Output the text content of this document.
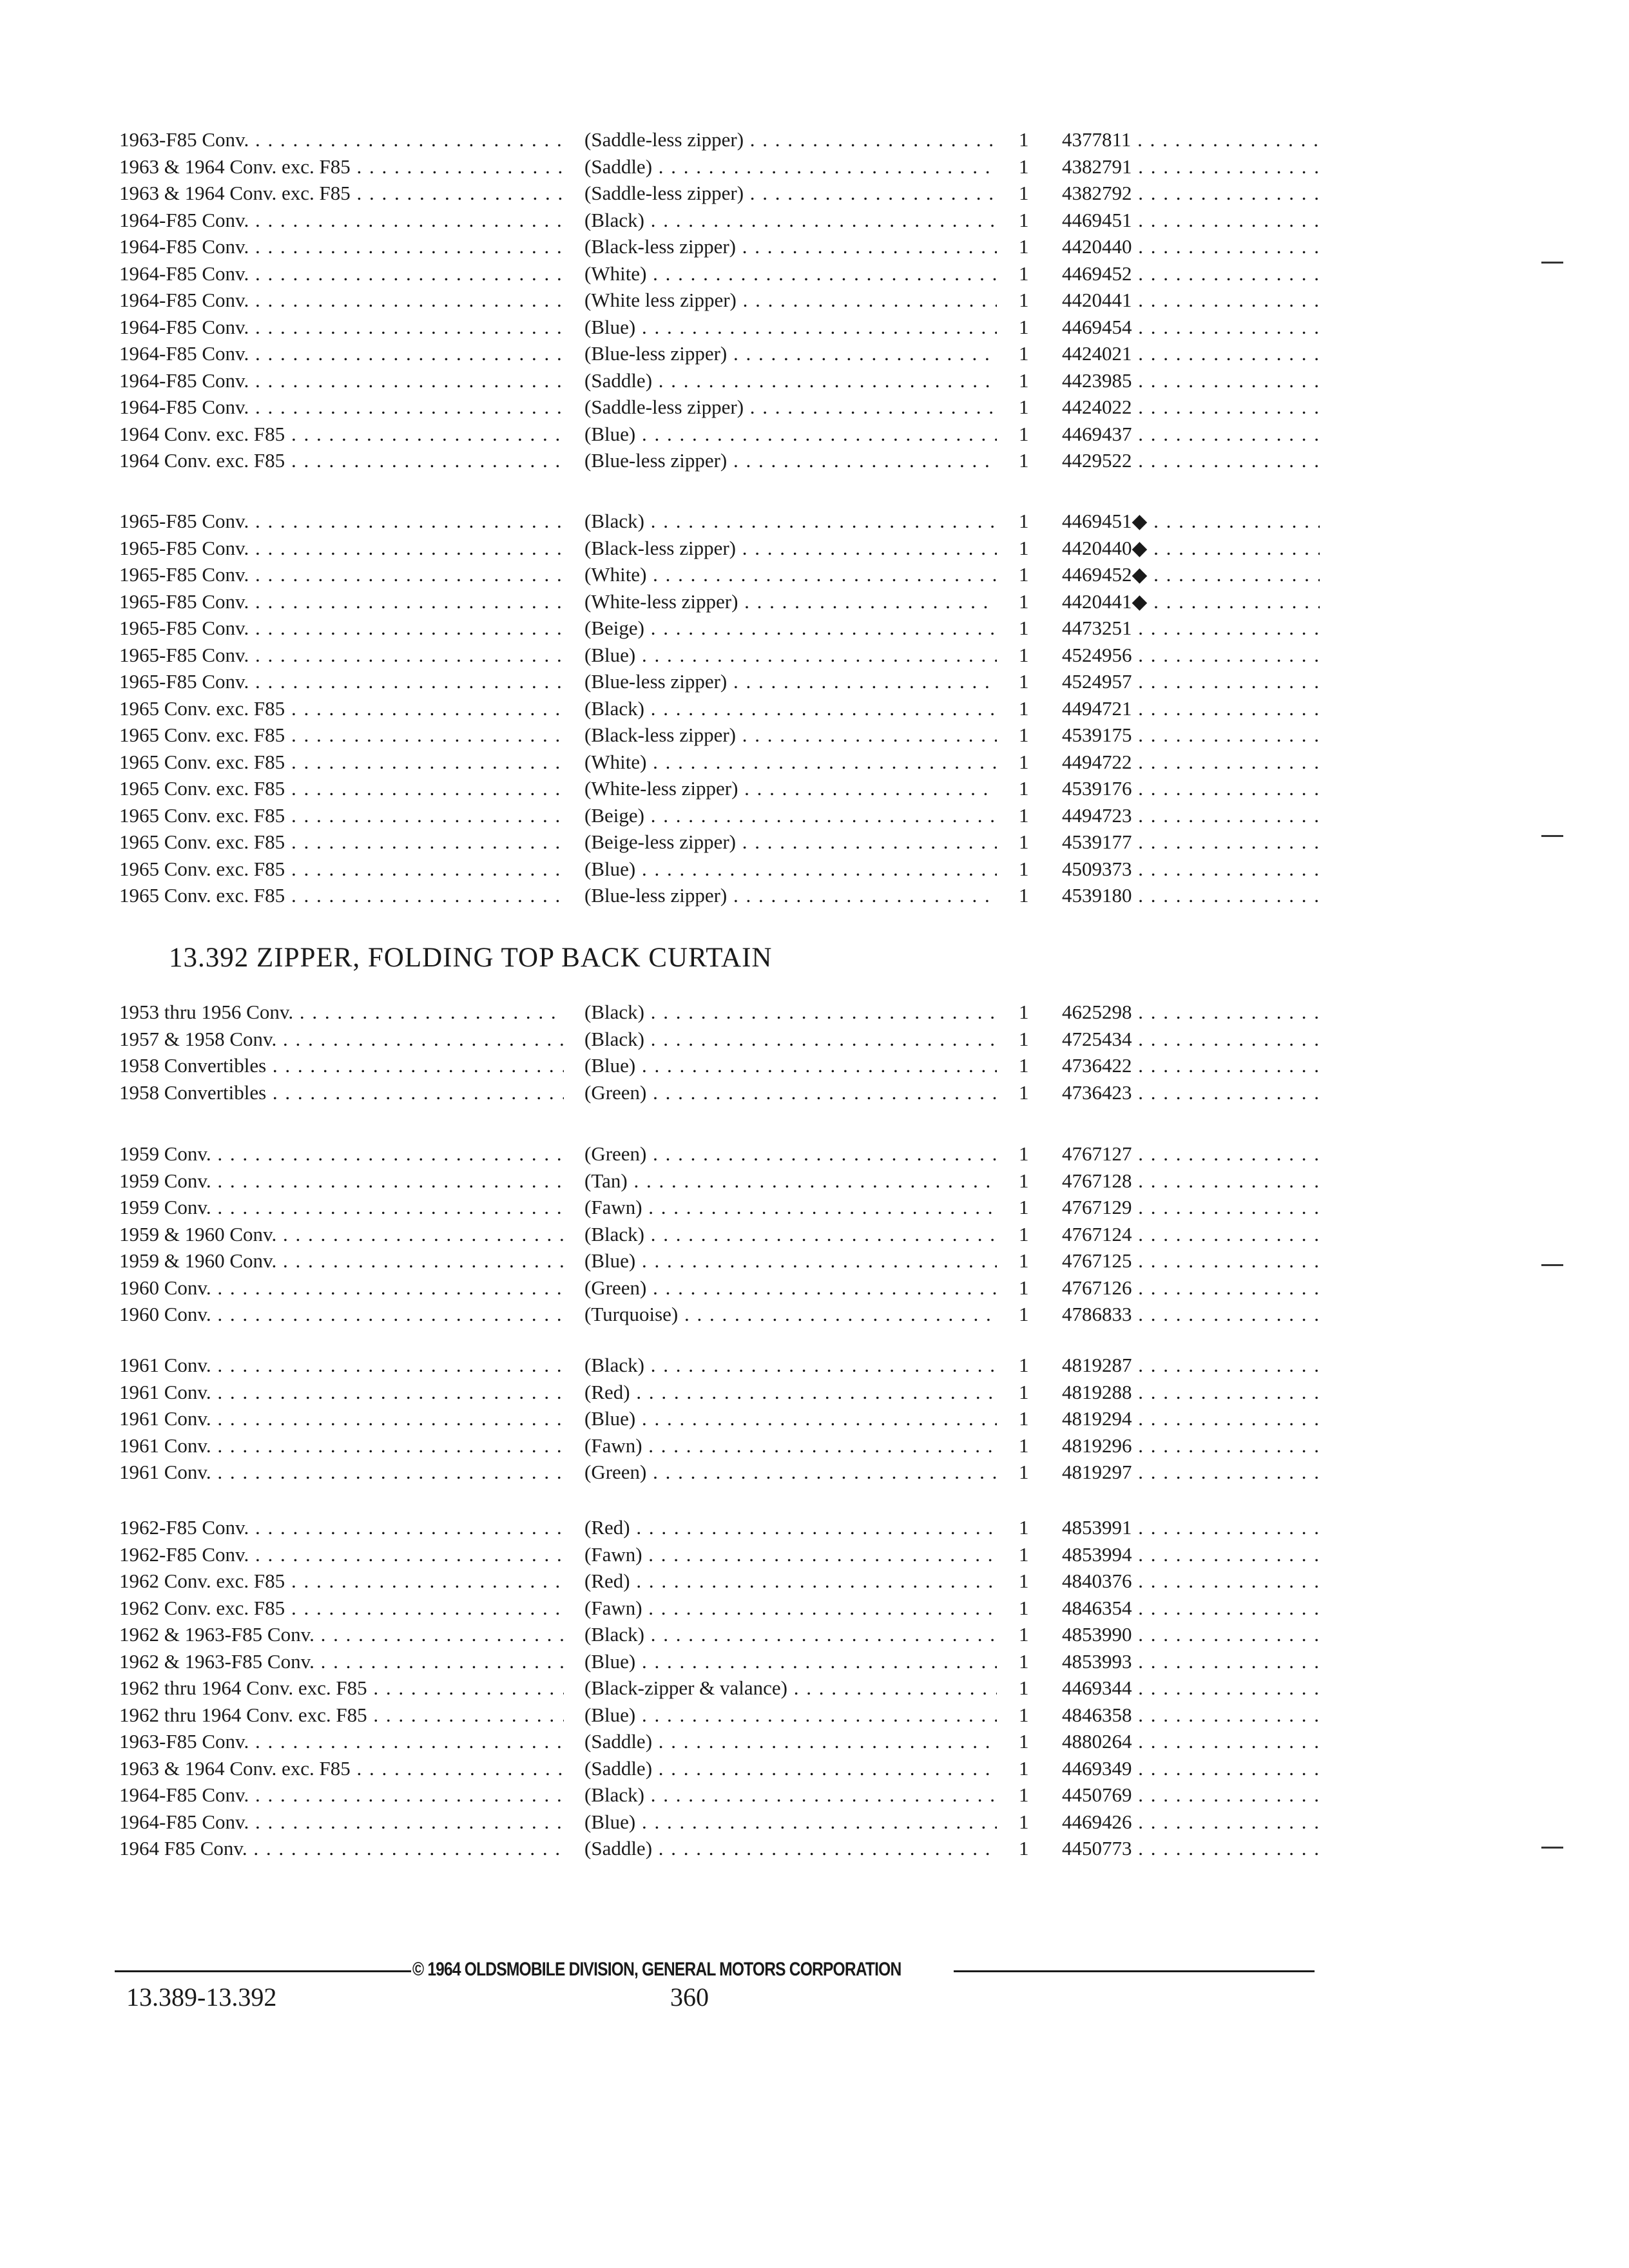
1963-F85 Conv. . . .	(Saddle-less zipper) . . .	1	4377811 . . .
1963 & 1964 Conv. exc. F85 . . .	(Saddle) . . .	1	4382791 . . .
1963 & 1964 Conv. exc. F85 . . .	(Saddle-less zipper) . . .	1	4382792 . . .
1964-F85 Conv. . . .	(Black) . . .	1	4469451 . . .
1964-F85 Conv. . . .	(Black-less zipper) . . .	1	4420440 . . .
1964-F85 Conv. . . .	(White) . . .	1	4469452 . . .
1964-F85 Conv. . . .	(White less zipper) . . .	1	4420441 . . .
1964-F85 Conv. . . .	(Blue) . . .	1	4469454 . . .
1964-F85 Conv. . . .	(Blue-less zipper) . . .	1	4424021 . . .
1964-F85 Conv. . . .	(Saddle) . . .	1	4423985 . . .
1964-F85 Conv. . . .	(Saddle-less zipper) . . .	1	4424022 . . .
1964 Conv. exc. F85 . . .	(Blue) . . .	1	4469437 . . .
1964 Conv. exc. F85 . . .	(Blue-less zipper) . . .	1	4429522 . . .
1965-F85 Conv. . . .	(Black) . . .	1	4469451◆ . . .
1965-F85 Conv. . . .	(Black-less zipper) . . .	1	4420440◆ . . .
1965-F85 Conv. . . .	(White) . . .	1	4469452◆ . . .
1965-F85 Conv. . . .	(White-less zipper) . . .	1	4420441◆ . . .
1965-F85 Conv. . . .	(Beige) . . .	1	4473251 . . .
1965-F85 Conv. . . .	(Blue) . . .	1	4524956 . . .
1965-F85 Conv. . . .	(Blue-less zipper) . . .	1	4524957 . . .
1965 Conv. exc. F85 . . .	(Black) . . .	1	4494721 . . .
1965 Conv. exc. F85 . . .	(Black-less zipper) . . .	1	4539175 . . .
1965 Conv. exc. F85 . . .	(White) . . .	1	4494722 . . .
1965 Conv. exc. F85 . . .	(White-less zipper) . . .	1	4539176 . . .
1965 Conv. exc. F85 . . .	(Beige) . . .	1	4494723 . . .
1965 Conv. exc. F85 . . .	(Beige-less zipper) . . .	1	4539177 . . .
1965 Conv. exc. F85 . . .	(Blue) . . .	1	4509373 . . .
1965 Conv. exc. F85 . . .	(Blue-less zipper) . . .	1	4539180 . . .
13.392 ZIPPER, FOLDING TOP BACK CURTAIN
1953 thru 1956 Conv. . . .	(Black) . . .	1	4625298 . . .
1957 & 1958 Conv. . . .	(Black) . . .	1	4725434 . . .
1958 Convertibles . . .	(Blue) . . .	1	4736422 . . .
1958 Convertibles . . .	(Green) . . .	1	4736423 . . .
1959 Conv. . . .	(Green) . . .	1	4767127 . . .
1959 Conv. . . .	(Tan) . . .	1	4767128 . . .
1959 Conv. . . .	(Fawn) . . .	1	4767129 . . .
1959 & 1960 Conv. . . .	(Black) . . .	1	4767124 . . .
1959 & 1960 Conv. . . .	(Blue) . . .	1	4767125 . . .
1960 Conv. . . .	(Green) . . .	1	4767126 . . .
1960 Conv. . . .	(Turquoise) . . .	1	4786833 . . .
1961 Conv. . . .	(Black) . . .	1	4819287 . . .
1961 Conv. . . .	(Red) . . .	1	4819288 . . .
1961 Conv. . . .	(Blue) . . .	1	4819294 . . .
1961 Conv. . . .	(Fawn) . . .	1	4819296 . . .
1961 Conv. . . .	(Green) . . .	1	4819297 . . .
1962-F85 Conv. . . .	(Red) . . .	1	4853991 . . .
1962-F85 Conv. . . .	(Fawn) . . .	1	4853994 . . .
1962 Conv. exc. F85 . . .	(Red) . . .	1	4840376 . . .
1962 Conv. exc. F85 . . .	(Fawn) . . .	1	4846354 . . .
1962 & 1963-F85 Conv. . . .	(Black) . . .	1	4853990 . . .
1962 & 1963-F85 Conv. . . .	(Blue) . . .	1	4853993 . . .
1962 thru 1964 Conv. exc. F85 . . .	(Black-zipper & valance) . . .	1	4469344 . . .
1962 thru 1964 Conv. exc. F85 . . .	(Blue) . . .	1	4846358 . . .
1963-F85 Conv. . . .	(Saddle) . . .	1	4880264 . . .
1963 & 1964 Conv. exc. F85 . . .	(Saddle) . . .	1	4469349 . . .
1964-F85 Conv. . . .	(Black) . . .	1	4450769 . . .
1964-F85 Conv. . . .	(Blue) . . .	1	4469426 . . .
1964 F85 Conv. . . .	(Saddle) . . .	1	4450773 . . .
© 1964 OLDSMOBILE DIVISION, GENERAL MOTORS CORPORATION
13.389-13.392	360
